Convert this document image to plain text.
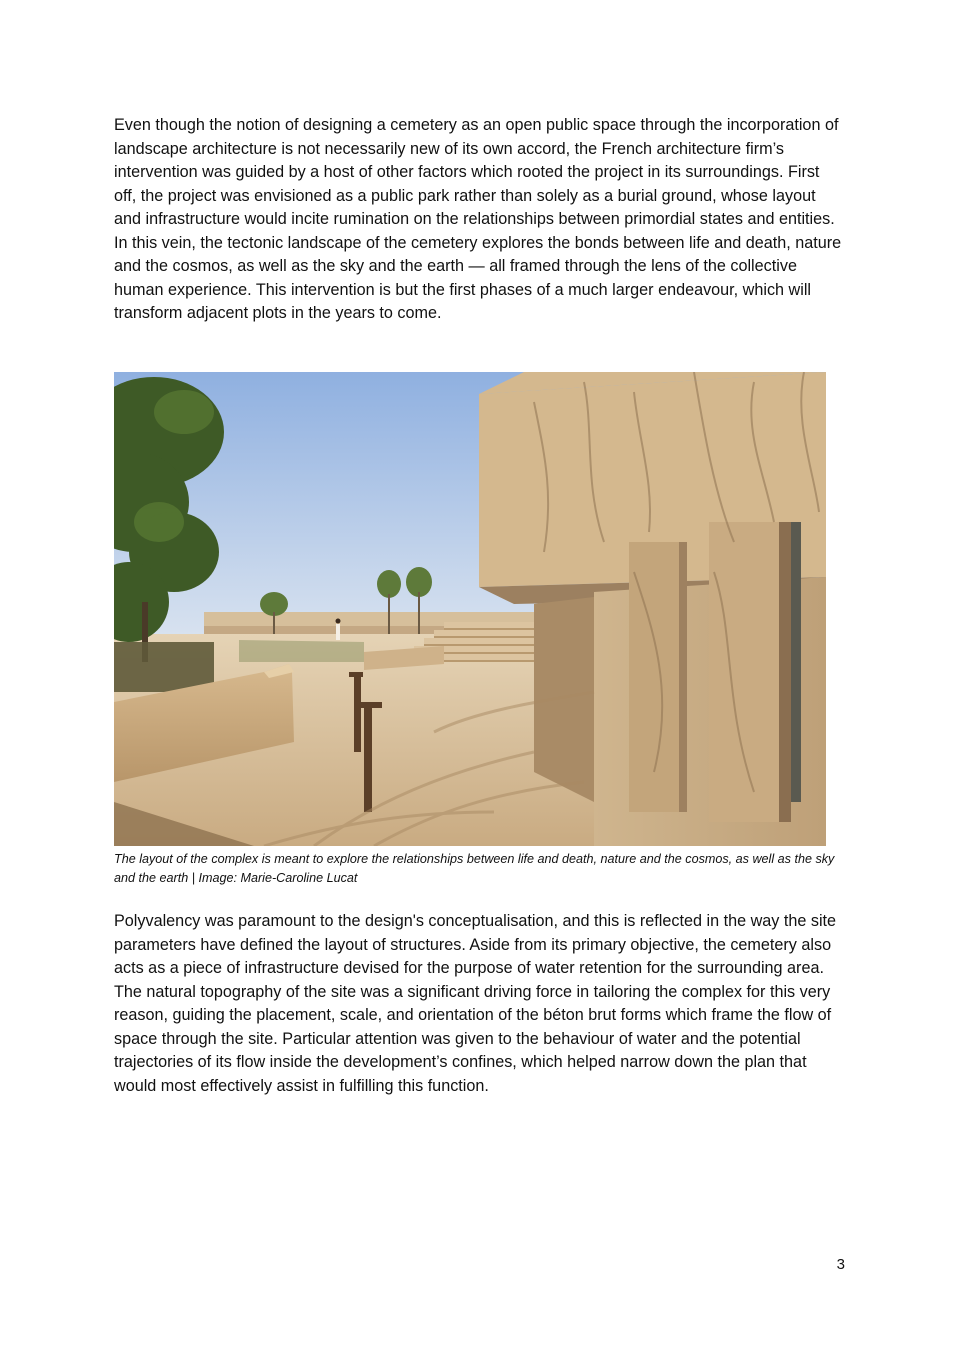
Even though the notion of designing a cemetery as an open public space through the incorporation of landscape architecture is not necessarily new of its own accord, the French architecture firm’s intervention was guided by a host of other factors which rooted the project in its surroundings. First off, the project was envisioned as a public park rather than solely as a burial ground, whose layout and infrastructure would incite rumination on the relationships between primordial states and entities. In this vein, the tectonic landscape of the cemetery explores the bonds between life and death, nature and the cosmos, as well as the sky and the earth — all framed through the lens of the collective human experience. This intervention is but the first phases of a much larger endeavour, which will transform adjacent plots in the years to come.

The layout of the complex is meant to explore the relationships between life and death, nature and the cosmos, as well as the sky and the earth | Image: Marie-Caroline Lucat

Polyvalency was paramount to the design's conceptualisation, and this is reflected in the way the site parameters have defined the layout of structures. Aside from its primary objective, the cemetery also acts as a piece of infrastructure devised for the purpose of water retention for the surrounding area. The natural topography of the site was a significant driving force in tailoring the complex for this very reason, guiding the placement, scale, and orientation of the béton brut forms which frame the flow of space through the site. Particular attention was given to the behaviour of water and the potential trajectories of its flow inside the development’s confines, which helped narrow down the plan that would most effectively assist in fulfilling this function.

3
